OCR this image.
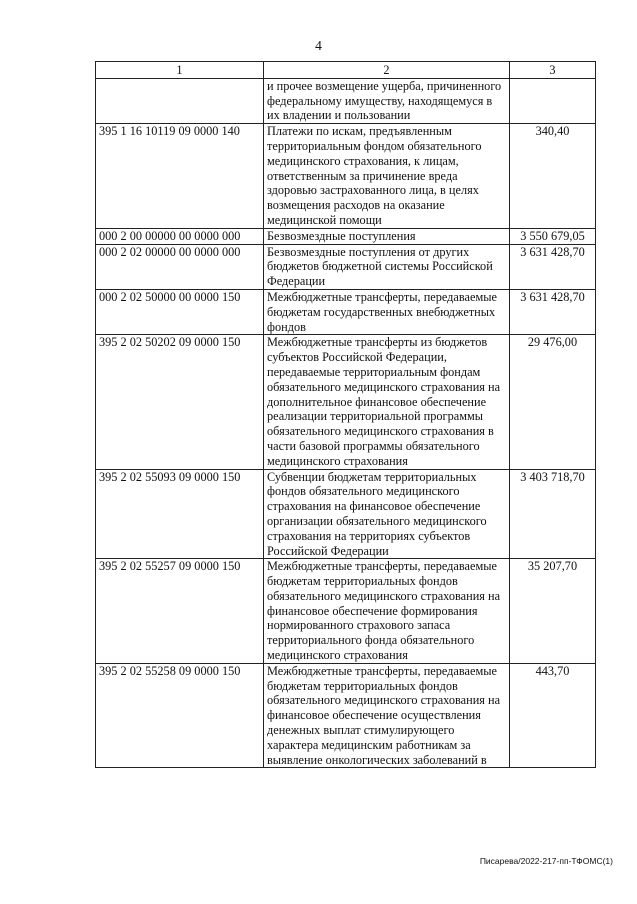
4
1	2	3
	и прочее возмещение ущерба, причиненного федеральному имуществу, находящемуся в их владении и пользовании	
395 1 16 10119 09 0000 140	Платежи по искам, предъявленным территориальным фондом обязательного медицинского страхования, к лицам, ответственным за причинение вреда здоровью застрахованного лица, в целях возмещения расходов на оказание медицинской помощи	340,40
000 2 00 00000 00 0000 000	Безвозмездные поступления	3 550 679,05
000 2 02 00000 00 0000 000	Безвозмездные поступления от других бюджетов бюджетной системы Российской Федерации	3 631 428,70
000 2 02 50000 00 0000 150	Межбюджетные трансферты, передаваемые бюджетам государственных внебюджетных фондов	3 631 428,70
395 2 02 50202 09 0000 150	Межбюджетные трансферты из бюджетов субъектов Российской Федерации, передаваемые территориальным фондам обязательного медицинского страхования на дополнительное финансовое обеспечение реализации территориальной программы обязательного медицинского страхования в части базовой программы обязательного медицинского страхования	29 476,00
395 2 02 55093 09 0000 150	Субвенции бюджетам территориальных фондов обязательного медицинского страхования на финансовое обеспечение организации обязательного медицинского страхования на территориях субъектов Российской Федерации	3 403 718,70
395 2 02 55257 09 0000 150	Межбюджетные трансферты, передаваемые бюджетам территориальных фондов обязательного медицинского страхования на финансовое обеспечение формирования нормированного страхового запаса территориального фонда обязательного медицинского страхования	35 207,70
395 2 02 55258 09 0000 150	Межбюджетные трансферты, передаваемые бюджетам территориальных фондов обязательного медицинского страхования на финансовое обеспечение осуществления денежных выплат стимулирующего характера медицинским работникам за выявление онкологических заболеваний в	443,70
Писарева/2022-217-пп-ТФОМС(1)
